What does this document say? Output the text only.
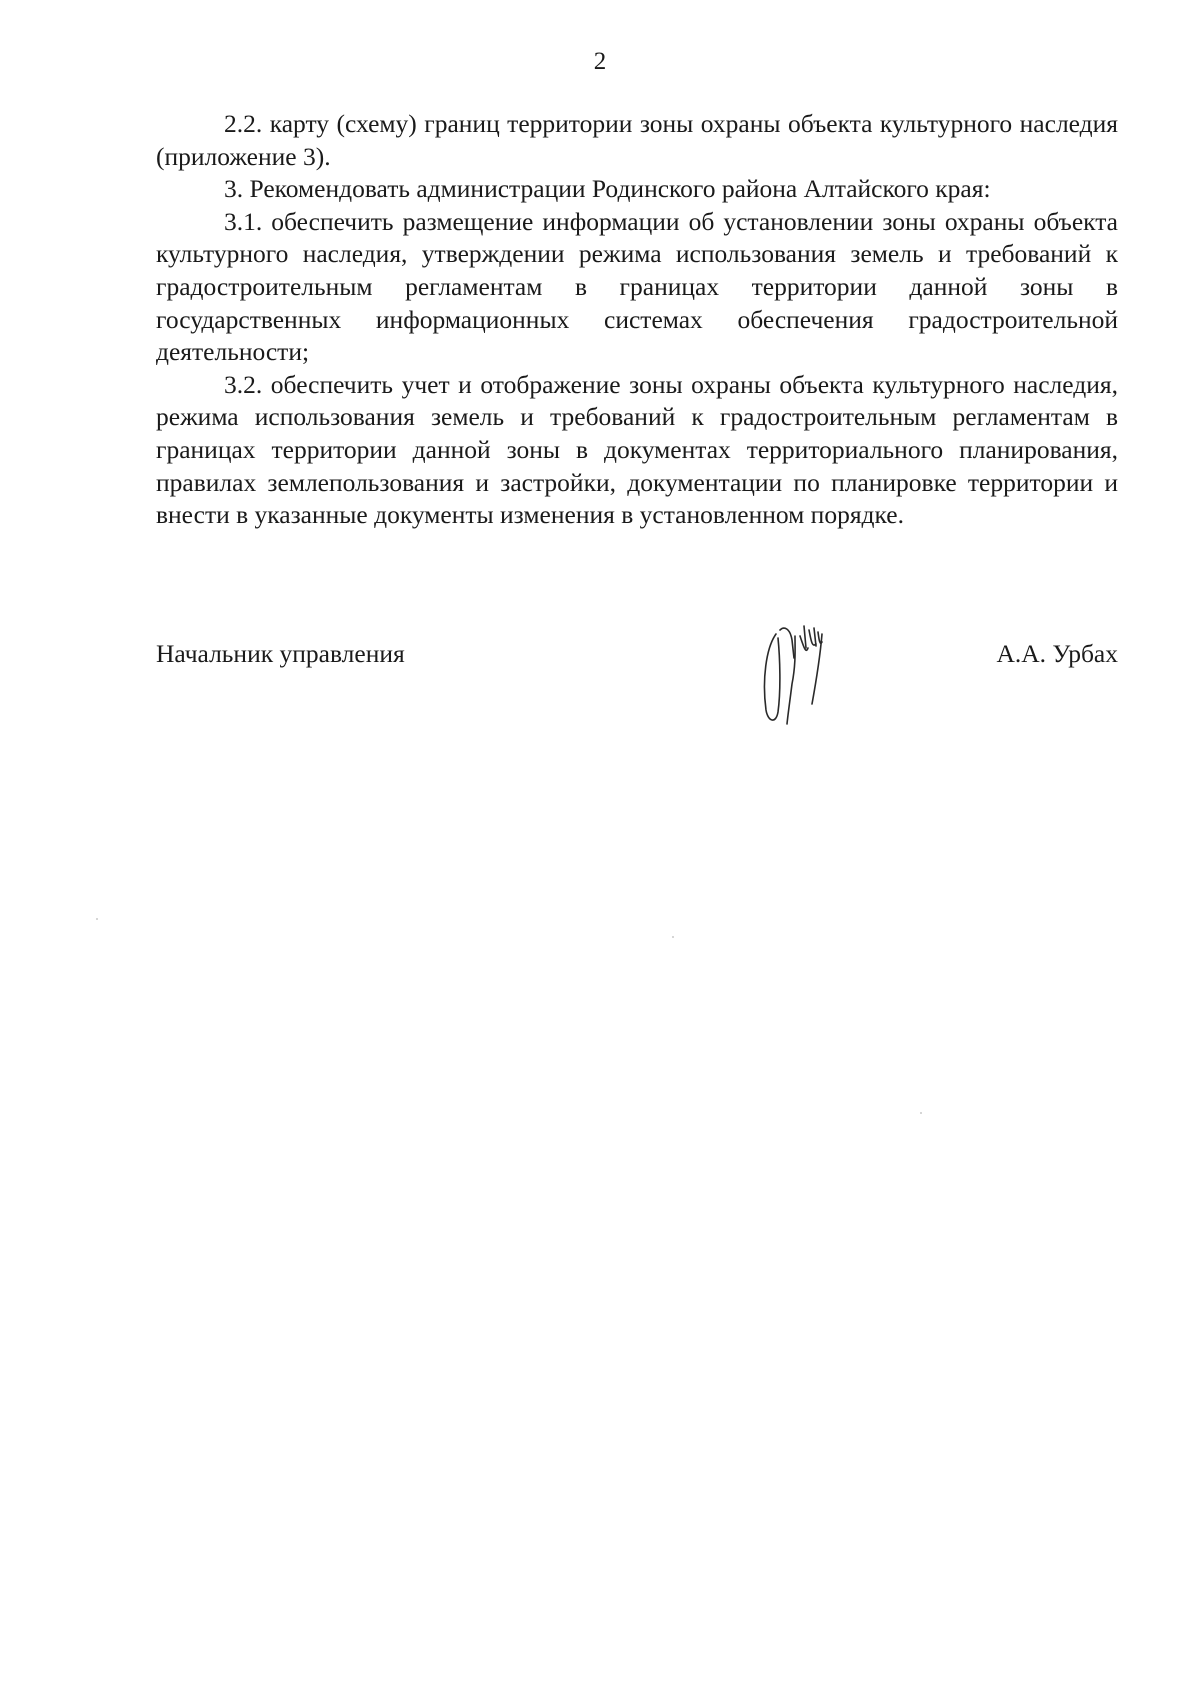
2

2.2. карту (схему) границ территории зоны охраны объекта культурного наследия (приложение 3).

3. Рекомендовать администрации Родинского района Алтайского края:

3.1. обеспечить размещение информации об установлении зоны охраны объекта культурного наследия, утверждении режима использования земель и требований к градостроительным регламентам в границах территории данной зоны в государственных информационных системах обеспечения градостроительной деятельности;

3.2. обеспечить учет и отображение зоны охраны объекта культурного наследия, режима использования земель и требований к градостроительным регламентам в границах территории данной зоны в документах территориального планирования, правилах землепользования и застройки, документации по планировке территории и внести в указанные документы изменения в установленном порядке.

Начальник управления	А.А. Урбах
